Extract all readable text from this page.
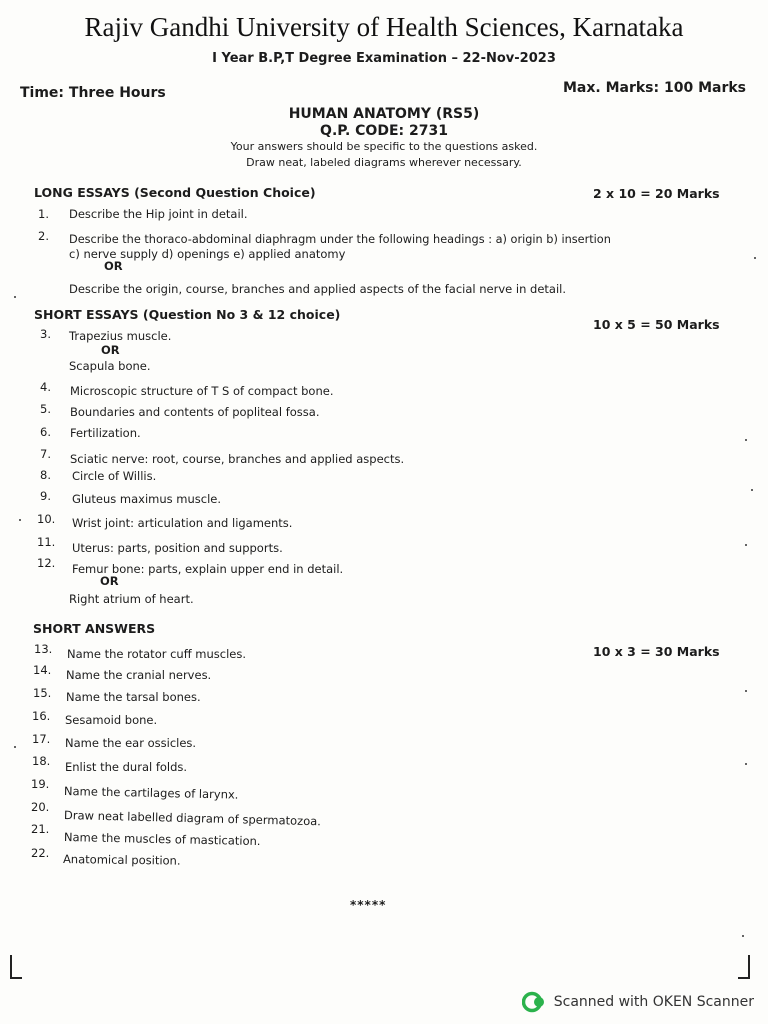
Rajiv Gandhi University of Health Sciences, Karnataka
I Year B.P,T Degree Examination – 22-Nov-2023
Time: Three Hours	Max. Marks: 100 Marks
HUMAN ANATOMY (RS5)
Q.P. CODE: 2731
Your answers should be specific to the questions asked.
Draw neat, labeled diagrams wherever necessary.
LONG ESSAYS (Second Question Choice)	2 x 10 = 20 Marks
1. Describe the Hip joint in detail.
2. Describe the thoraco-abdominal diaphragm under the following headings : a) origin b) insertion
c) nerve supply d) openings e) applied anatomy
OR
Describe the origin, course, branches and applied aspects of the facial nerve in detail.
SHORT ESSAYS (Question No 3 & 12 choice)
10 x 5 = 50 Marks
3. Trapezius muscle.
OR
Scapula bone.
4. Microscopic structure of T S of compact bone.
5. Boundaries and contents of popliteal fossa.
6. Fertilization.
7. Sciatic nerve: root, course, branches and applied aspects.
8. Circle of Willis.
9. Gluteus maximus muscle.
10. Wrist joint: articulation and ligaments.
11. Uterus: parts, position and supports.
12. Femur bone: parts, explain upper end in detail.
OR
Right atrium of heart.
SHORT ANSWERS
10 x 3 = 30 Marks
13. Name the rotator cuff muscles.
14. Name the cranial nerves.
15. Name the tarsal bones.
16. Sesamoid bone.
17. Name the ear ossicles.
18. Enlist the dural folds.
19.
Name the cartilages of larynx.
20.
Draw neat labelled diagram of spermatozoa.
21.
Name the muscles of mastication.
22. Anatomical position.
*****
Scanned with OKEN Scanner
